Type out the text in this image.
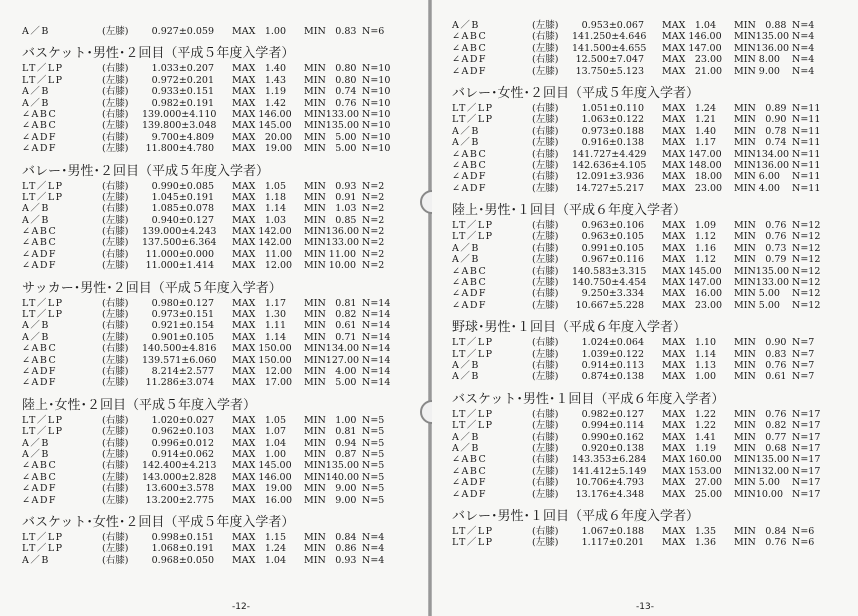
A／B	(左膝)	0.927±0.059	MAX　1.00	MIN　0.83 N=6
バスケット･男性･２回目（平成５年度入学者）
LT／LP	(右膝)	1.033±0.207	MAX　1.40	MIN　0.80 N=10
LT／LP	(左膝)	0.972±0.201	MAX　1.43	MIN　0.80 N=10
A／B	(右膝)	0.933±0.151	MAX　1.19	MIN　0.74 N=10
A／B	(左膝)	0.982±0.191	MAX　1.42	MIN　0.76 N=10
∠ABC	(右膝)	139.000±4.110	MAX 146.00	MIN133.00 N=10
∠ABC	(左膝)	139.800±3.048	MAX 145.00	MIN135.00 N=10
∠ADF	(右膝)	9.700±4.809	MAX　20.00	MIN　5.00 N=10
∠ADF	(左膝)	11.800±4.780	MAX　19.00	MIN　5.00 N=10
バレー･男性･２回目（平成５年度入学者）
LT／LP	(右膝)	0.990±0.085	MAX　1.05	MIN　0.93 N=2
LT／LP	(左膝)	1.045±0.191	MAX　1.18	MIN　0.91 N=2
A／B	(右膝)	1.085±0.078	MAX　1.14	MIN　1.03 N=2
A／B	(左膝)	0.940±0.127	MAX　1.03	MIN　0.85 N=2
∠ABC	(右膝)	139.000±4.243	MAX 142.00	MIN136.00 N=2
∠ABC	(左膝)	137.500±6.364	MAX 142.00	MIN133.00 N=2
∠ADF	(右膝)	11.000±0.000	MAX　11.00	MIN 11.00 N=2
∠ADF	(左膝)	11.000±1.414	MAX　12.00	MIN 10.00 N=2
サッカー･男性･２回目（平成５年度入学者）
LT／LP	(右膝)	0.980±0.127	MAX　1.17	MIN　0.81 N=14
LT／LP	(左膝)	0.973±0.151	MAX　1.30	MIN　0.82 N=14
A／B	(右膝)	0.921±0.154	MAX　1.11	MIN　0.61 N=14
A／B	(左膝)	0.901±0.105	MAX　1.14	MIN　0.71 N=14
∠ABC	(右膝)	140.500±4.816	MAX 150.00	MIN134.00 N=14
∠ABC	(左膝)	139.571±6.060	MAX 150.00	MIN127.00 N=14
∠ADF	(右膝)	8.214±2.577	MAX　12.00	MIN　4.00 N=14
∠ADF	(左膝)	11.286±3.074	MAX　17.00	MIN　5.00 N=14
陸上･女性･２回目（平成５年度入学者）
LT／LP	(右膝)	1.020±0.027	MAX　1.05	MIN　1.00 N=5
LT／LP	(左膝)	0.962±0.103	MAX　1.07	MIN　0.81 N=5
A／B	(右膝)	0.996±0.012	MAX　1.04	MIN　0.94 N=5
A／B	(左膝)	0.914±0.062	MAX　1.00	MIN　0.87 N=5
∠ABC	(右膝)	142.400±4.213	MAX 145.00	MIN135.00 N=5
∠ABC	(左膝)	143.000±2.828	MAX 146.00	MIN140.00 N=5
∠ADF	(右膝)	13.600±3.578	MAX　19.00	MIN　9.00 N=5
∠ADF	(左膝)	13.200±2.775	MAX　16.00	MIN　9.00 N=5
バスケット･女性･２回目（平成５年度入学者）
LT／LP	(右膝)	0.998±0.151	MAX　1.15	MIN　0.84 N=4
LT／LP	(左膝)	1.068±0.191	MAX　1.24	MIN　0.86 N=4
A／B	(右膝)	0.968±0.050	MAX　1.04	MIN　0.93 N=4
-12-
A／B	(左膝)	0.953±0.067	MAX　1.04	MIN　0.88 N=4
∠ABC	(右膝)	141.250±4.646	MAX 146.00	MIN135.00 N=4
∠ABC	(左膝)	141.500±4.655	MAX 147.00	MIN136.00 N=4
∠ADF	(右膝)	12.500±7.047	MAX　23.00	MIN 8.00	N=4
∠ADF	(左膝)	13.750±5.123	MAX　21.00	MIN 9.00	N=4
バレー･女性･２回目（平成５年度入学者）
LT／LP	(右膝)	1.051±0.110	MAX　1.24	MIN　0.89 N=11
LT／LP	(左膝)	1.063±0.122	MAX　1.21	MIN　0.90 N=11
A／B	(右膝)	0.973±0.188	MAX　1.40	MIN　0.78 N=11
A／B	(左膝)	0.916±0.138	MAX　1.17	MIN　0.74 N=11
∠ABC	(右膝)	141.727±4.429	MAX 147.00	MIN134.00 N=11
∠ABC	(左膝)	142.636±4.105	MAX 148.00	MIN136.00 N=11
∠ADF	(右膝)	12.091±3.936	MAX　18.00	MIN 6.00	N=11
∠ADF	(左膝)	14.727±5.217	MAX　23.00	MIN 4.00	N=11
陸上･男性･１回目（平成６年度入学者）
LT／LP	(右膝)	0.963±0.106	MAX　1.09	MIN　0.76 N=12
LT／LP	(左膝)	0.963±0.105	MAX　1.12	MIN　0.76 N=12
A／B	(右膝)	0.991±0.105	MAX　1.16	MIN　0.73 N=12
A／B	(左膝)	0.967±0.116	MAX　1.12	MIN　0.79 N=12
∠ABC	(右膝)	140.583±3.315	MAX 145.00	MIN135.00 N=12
∠ABC	(左膝)	140.750±4.454	MAX 147.00	MIN133.00 N=12
∠ADF	(右膝)	9.250±3.334	MAX　16.00	MIN 5.00	N=12
∠ADF	(左膝)	10.667±5.228	MAX　23.00	MIN 5.00	N=12
野球･男性･１回目（平成６年度入学者）
LT／LP	(右膝)	1.024±0.064	MAX　1.10	MIN　0.90 N=7
LT／LP	(左膝)	1.039±0.122	MAX　1.14	MIN　0.83 N=7
A／B	(右膝)	0.914±0.113	MAX　1.13	MIN　0.76 N=7
A／B	(左膝)	0.874±0.138	MAX　1.00	MIN　0.61 N=7
バスケット･男性･１回目（平成６年度入学者）
LT／LP	(右膝)	0.982±0.127	MAX　1.22	MIN　0.76 N=17
LT／LP	(左膝)	0.994±0.114	MAX　1.22	MIN　0.82 N=17
A／B	(右膝)	0.990±0.162	MAX　1.41	MIN　0.77 N=17
A／B	(左膝)	0.920±0.138	MAX　1.19	MIN　0.68 N=17
∠ABC	(右膝)	143.353±6.284	MAX 160.00	MIN135.00 N=17
∠ABC	(左膝)	141.412±5.149	MAX 153.00	MIN132.00 N=17
∠ADF	(右膝)	10.706±4.793	MAX　27.00	MIN 5.00	N=17
∠ADF	(左膝)	13.176±4.348	MAX　25.00	MIN10.00 N=17
バレー･男性･１回目（平成６年度入学者）
LT／LP	(右膝)	1.067±0.188	MAX　1.35	MIN　0.84 N=6
LT／LP	(左膝)	1.117±0.201	MAX　1.36	MIN　0.76 N=6
-13-
